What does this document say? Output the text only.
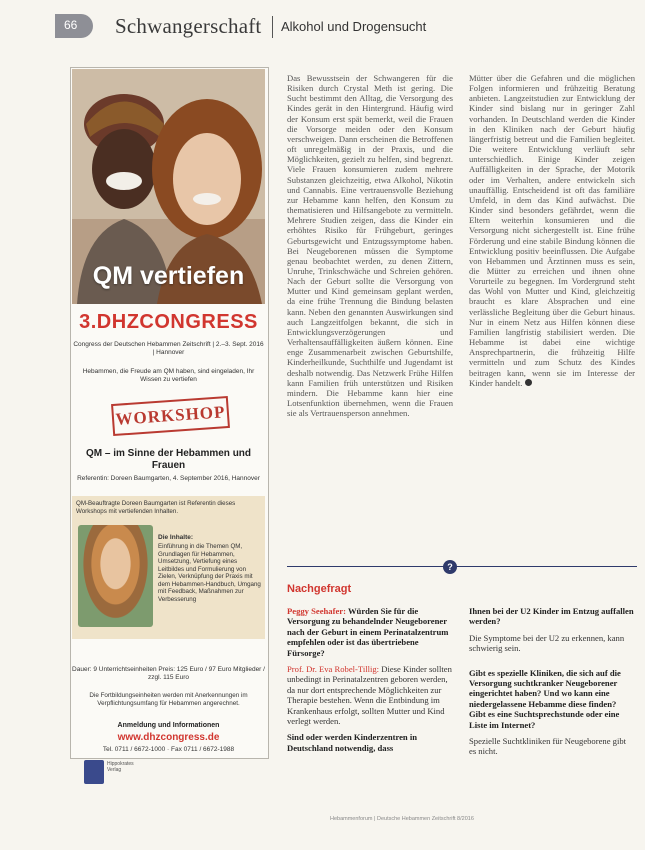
66 Schwangerschaft Alkohol und Drogensucht
QM vertiefen
3.DHZCONGRESS
Congress der Deutschen Hebammen Zeitschrift | 2.–3. Sept. 2016 | Hannover
Hebammen, die Freude am QM haben, sind eingeladen, Ihr Wissen zu vertiefen
WORKSHOP
QM – im Sinne der Hebammen und Frauen
Referentin: Doreen Baumgarten, 4. September 2016, Hannover
QM-Beauftragte Doreen Baumgarten ist Referentin dieses Workshops mit vertiefenden Inhalten.
Die Inhalte:
Einführung in die Themen QM, Grundlagen für Hebammen, Umsetzung, Vertiefung eines Leitbildes und Formulierung von Zielen, Verknüpfung der Praxis mit dem Hebammen-Handbuch, Umgang mit Feedback, Maßnahmen zur Verbesserung
Dauer: 9 Unterrichtseinheiten Preis: 125 Euro / 97 Euro Mitglieder / zzgl. 115 Euro
Die Fortbildungseinheiten werden mit Anerkennungen im Verpflichtungsumfang für Hebammen angerechnet.
Anmeldung und Informationen
www.dhzcongress.de
Tel. 0711 / 6672-1000 · Fax 0711 / 6672-1988
Hippokrates Verlag
Das Bewusstsein der Schwangeren für die Risiken durch Crystal Meth ist gering. Die Sucht bestimmt den Alltag, die Versorgung des Kindes gerät in den Hintergrund. Häufig wird der Konsum erst spät bemerkt, weil die Frauen die Vorsorge meiden oder den Konsum verschweigen. Dann erscheinen die Betroffenen oft unregelmäßig in der Praxis, und die Möglichkeiten, gezielt zu helfen, sind begrenzt. Viele Frauen konsumieren zudem mehrere Substanzen gleichzeitig, etwa Alkohol, Nikotin und Cannabis. Eine vertrauensvolle Beziehung zur Hebamme kann helfen, den Konsum zu thematisieren und Hilfsangebote zu vermitteln. Mehrere Studien zeigen, dass die Kinder ein erhöhtes Risiko für Frühgeburt, geringes Geburtsgewicht und Entzugssymptome haben. Bei Neugeborenen müssen die Symptome genau beobachtet werden, zu denen Zittern, Unruhe, Trinkschwäche und Schreien gehören. Nach der Geburt sollte die Versorgung von Mutter und Kind gemeinsam geplant werden, da eine frühe Trennung die Bindung belasten kann. Neben den genannten Auswirkungen sind auch Langzeitfolgen bekannt, die sich in Entwicklungsverzögerungen und Verhaltensauffälligkeiten äußern können. Eine enge Zusammenarbeit zwischen Geburtshilfe, Kinderheilkunde, Suchthilfe und Jugendamt ist deshalb notwendig. Das Netzwerk Frühe Hilfen kann Familien früh unterstützen und Risiken mindern. Die Hebamme kann hier eine Lotsenfunktion übernehmen, wenn die Frauen sie als Vertrauensperson annehmen.
Mütter über die Gefahren und die möglichen Folgen informieren und frühzeitig Beratung anbieten. Langzeitstudien zur Entwicklung der Kinder sind bislang nur in geringer Zahl vorhanden. In Deutschland werden die Kinder in den Kliniken nach der Geburt häufig längerfristig betreut und die Familien begleitet. Die weitere Entwicklung verläuft sehr unterschiedlich. Einige Kinder zeigen Auffälligkeiten in der Sprache, der Motorik oder im Verhalten, andere entwickeln sich unauffällig. Entscheidend ist oft das familiäre Umfeld, in dem das Kind aufwächst. Die Kinder sind besonders gefährdet, wenn die Eltern weiterhin konsumieren und die Versorgung nicht sichergestellt ist. Eine frühe Förderung und eine stabile Bindung können die Entwicklung positiv beeinflussen. Die Aufgabe von Hebammen und Ärztinnen muss es sein, die Mütter zu erreichen und ihnen ohne Vorurteile zu begegnen. Im Vordergrund steht das Wohl von Mutter und Kind, gleichzeitig braucht es klare Absprachen und eine verlässliche Begleitung über die Geburt hinaus. Nur in einem Netz aus Hilfen können diese Familien langfristig stabilisiert werden. Die Hebamme ist dabei eine wichtige Ansprechpartnerin, die frühzeitig Hilfe vermitteln und zum Schutz des Kindes beitragen kann, wenn sie im Interesse der Kinder handelt.
?
Nachgefragt

Peggy Seehafer: Würden Sie für die Versorgung zu behandelnder Neugeborener nach der Geburt in einem Perinatalzentrum empfehlen oder ist das übertriebene Fürsorge?

Prof. Dr. Eva Robel-Tillig: Diese Kinder sollten unbedingt in Perinatalzentren geboren werden, da nur dort entsprechende Möglichkeiten zur Therapie bestehen. Wenn die Entbindung im Krankenhaus erfolgt, sollten Mutter und Kind verlegt werden.

Sind oder werden Kinderzentren in Deutschland notwendig, dass

Ihnen bei der U2 Kinder im Entzug auffallen werden?

Die Symptome bei der U2 zu erkennen, kann schwierig sein.

Gibt es spezielle Kliniken, die sich auf die Versorgung suchtkranker Neugeborener eingerichtet haben? Und wo kann eine niedergelassene Hebamme diese finden? Gibt es eine Suchtsprechstunde oder eine Liste im Internet?

Spezielle Suchtkliniken für Neugeborene gibt es nicht.

Hebammenforum | Deutsche Hebammen Zeitschrift 8/2016
